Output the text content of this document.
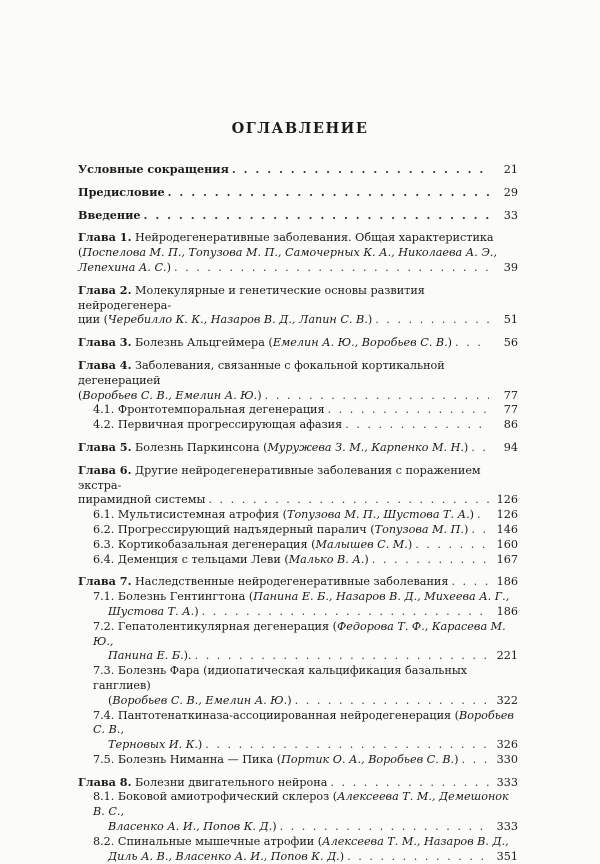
ОГЛАВЛЕНИЕ
Условные сокращения . . .	21
Предисловие . . .	29
Введение . . .	33
Глава 1. Нейродегенеративные заболевания. Общая характеристика
(Поспелова М. П., Топузова М. П., Самочерных К. А., Николаева А. Э.,
Лепехина А. С.) . . .	39
Глава 2. Молекулярные и генетические основы развития нейродегенера-
ции (Черебилло К. К., Назаров В. Д., Лапин С. В.) . . .	51
Глава 3. Болезнь Альцгеймера (Емелин А. Ю., Воробьев С. В.) . . .	56
Глава 4. Заболевания, связанные с фокальной кортикальной дегенерацией
(Воробьев С. В., Емелин А. Ю.) . . .	77
4.1. Фронтотемпоральная дегенерация . . .	77
4.2. Первичная прогрессирующая афазия . . .	86
Глава 5. Болезнь Паркинсона (Муружева З. М., Карпенко М. Н.) . . .	94
Глава 6. Другие нейродегенеративные заболевания с поражением экстра-
пирамидной системы . . .	126
6.1. Мультисистемная атрофия (Топузова М. П., Шустова Т. А.) . . .	126
6.2. Прогрессирующий надъядерный паралич (Топузова М. П.) . . .	146
6.3. Кортикобазальная дегенерация (Малышев С. М.) . . .	160
6.4. Деменция с тельцами Леви (Малько В. А.) . . .	167
Глава 7. Наследственные нейродегенеративные заболевания . . .	186
7.1. Болезнь Гентингтона (Панина Е. Б., Назаров В. Д., Михеева А. Г.,
Шустова Т. А.) . . .	186
7.2. Гепатолентикулярная дегенерация (Федорова Т. Ф., Карасева М. Ю.,
Панина Е. Б.). . . .	221
7.3. Болезнь Фара (идиопатическая кальцификация базальных ганглиев)
(Воробьев С. В., Емелин А. Ю.) . . .	322
7.4. Пантотенаткиназа-ассоциированная нейродегенерация (Воробьев С. В.,
Терновых И. К.) . . .	326
7.5. Болезнь Ниманна — Пика (Портик О. А., Воробьев С. В.) . . .	330
Глава 8. Болезни двигательного нейрона . . .	333
8.1. Боковой амиотрофический склероз (Алексеева Т. М., Демешонок В. С.,
Власенко А. И., Попов К. Д.) . . .	333
8.2. Спинальные мышечные атрофии (Алексеева Т. М., Назаров В. Д.,
Диль А. В., Власенко А. И., Попов К. Д.) . . .	351
